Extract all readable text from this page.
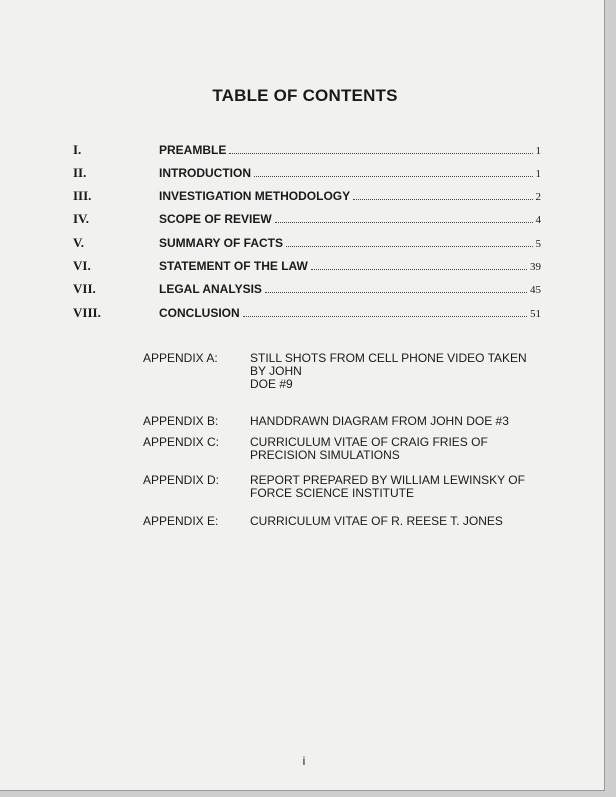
TABLE OF CONTENTS
I.	PREAMBLE	1
II.	INTRODUCTION	1
III.	INVESTIGATION METHODOLOGY	2
IV.	SCOPE OF REVIEW	4
V.	SUMMARY OF FACTS	5
VI.	STATEMENT OF THE LAW	39
VII.	LEGAL ANALYSIS	45
VIII.	CONCLUSION	51
APPENDIX A:	STILL SHOTS FROM CELL PHONE VIDEO TAKEN
BY JOHN
DOE #9
APPENDIX B:	HANDDRAWN DIAGRAM FROM JOHN DOE #3
APPENDIX C:	CURRICULUM VITAE OF CRAIG FRIES OF
PRECISION SIMULATIONS
APPENDIX D:	REPORT PREPARED BY WILLIAM LEWINSKY OF
FORCE SCIENCE INSTITUTE
APPENDIX E:	CURRICULUM VITAE OF R. REESE T. JONES
i
